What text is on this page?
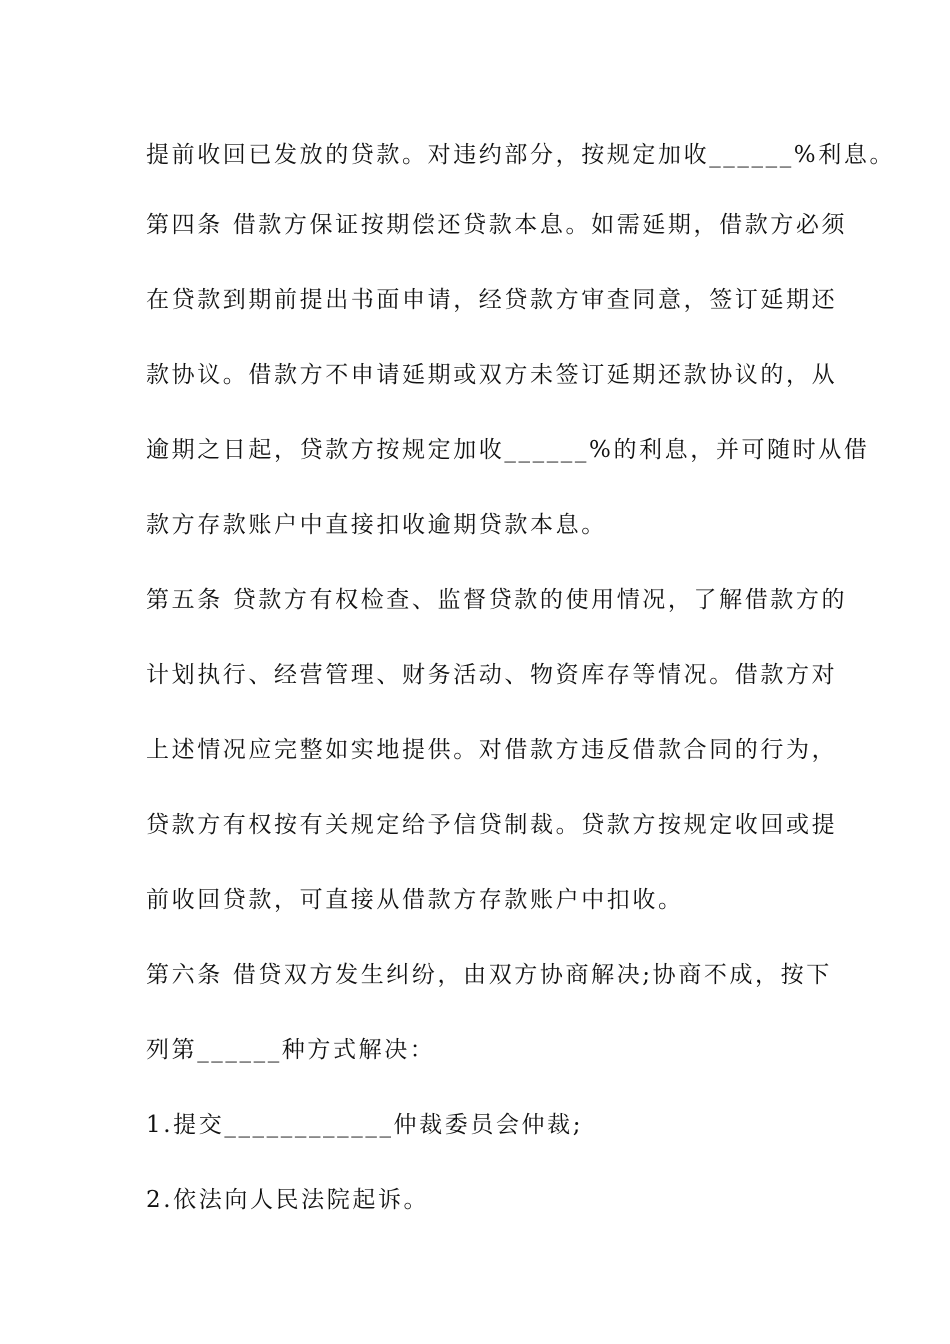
提前收回已发放的贷款。对违约部分，按规定加收______%利息。
第四条 借款方保证按期偿还贷款本息。如需延期，借款方必须
在贷款到期前提出书面申请，经贷款方审查同意，签订延期还
款协议。借款方不申请延期或双方未签订延期还款协议的，从
逾期之日起，贷款方按规定加收______%的利息，并可随时从借
款方存款账户中直接扣收逾期贷款本息。
第五条 贷款方有权检查、监督贷款的使用情况，了解借款方的
计划执行、经营管理、财务活动、物资库存等情况。借款方对
上述情况应完整如实地提供。对借款方违反借款合同的行为，
贷款方有权按有关规定给予信贷制裁。贷款方按规定收回或提
前收回贷款，可直接从借款方存款账户中扣收。
第六条 借贷双方发生纠纷，由双方协商解决;协商不成，按下
列第______种方式解决：
1.提交____________仲裁委员会仲裁;
2.依法向人民法院起诉。
